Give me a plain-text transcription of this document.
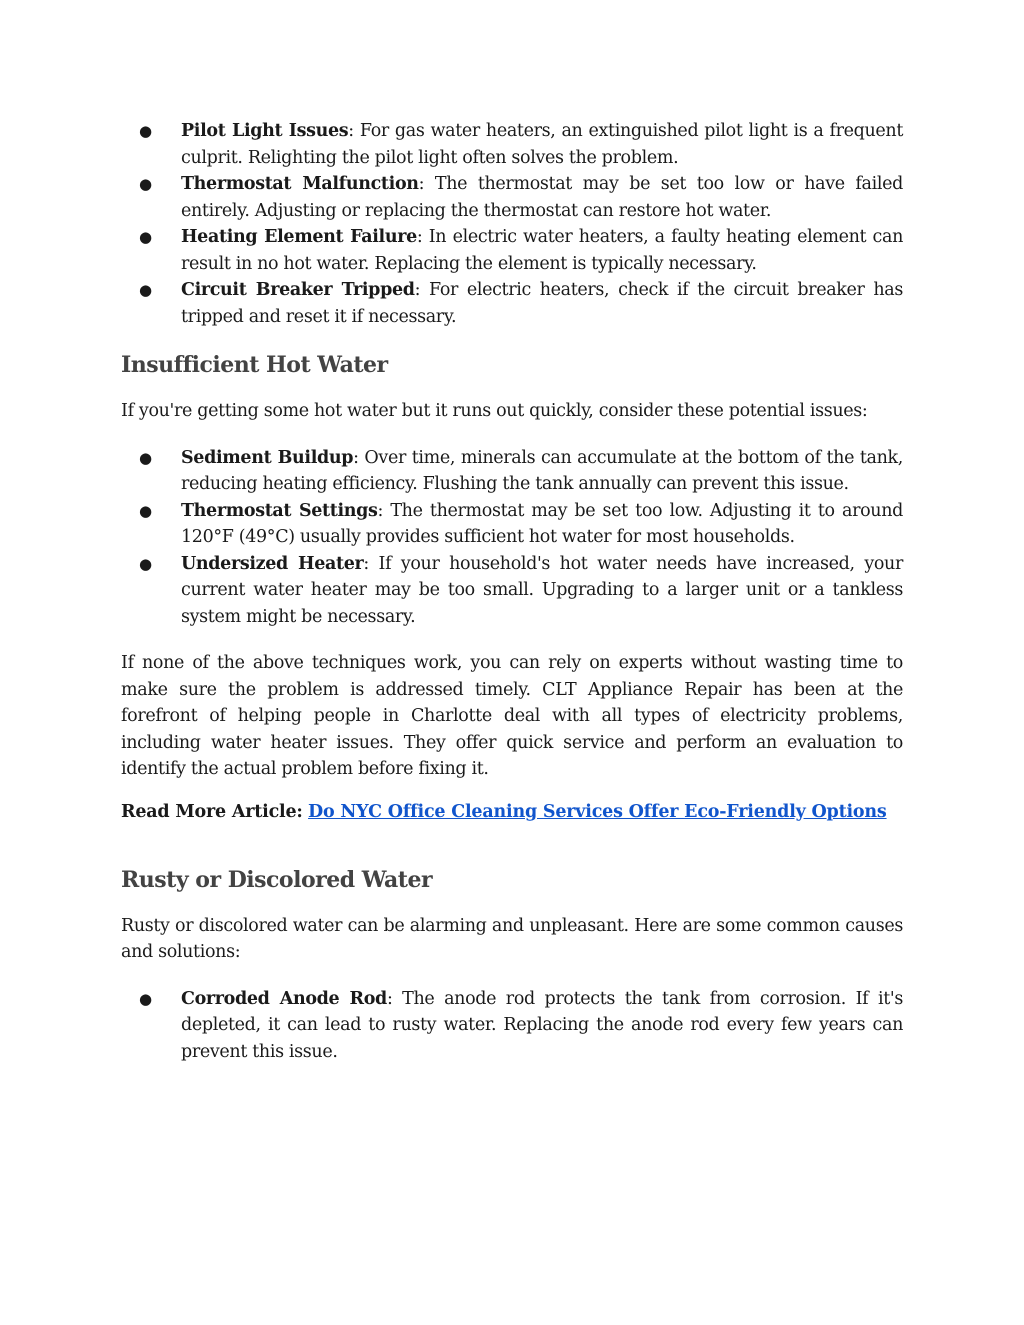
● Pilot Light Issues: For gas water heaters, an extinguished pilot light is a frequent culprit. Relighting the pilot light often solves the problem.
● Thermostat Malfunction: The thermostat may be set too low or have failed entirely. Adjusting or replacing the thermostat can restore hot water.
● Heating Element Failure: In electric water heaters, a faulty heating element can result in no hot water. Replacing the element is typically necessary.
● Circuit Breaker Tripped: For electric heaters, check if the circuit breaker has tripped and reset it if necessary.
Insufficient Hot Water

If you're getting some hot water but it runs out quickly, consider these potential issues:

● Sediment Buildup: Over time, minerals can accumulate at the bottom of the tank, reducing heating efficiency. Flushing the tank annually can prevent this issue.
● Thermostat Settings: The thermostat may be set too low. Adjusting it to around 120°F (49°C) usually provides sufficient hot water for most households.
● Undersized Heater: If your household's hot water needs have increased, your current water heater may be too small. Upgrading to a larger unit or a tankless system might be necessary.

If none of the above techniques work, you can rely on experts without wasting time to make sure the problem is addressed timely. CLT Appliance Repair has been at the forefront of helping people in Charlotte deal with all types of electricity problems, including water heater issues. They offer quick service and perform an evaluation to identify the actual problem before fixing it.

Read More Article: Do NYC Office Cleaning Services Offer Eco-Friendly Options
Rusty or Discolored Water

Rusty or discolored water can be alarming and unpleasant. Here are some common causes and solutions:

● Corroded Anode Rod: The anode rod protects the tank from corrosion. If it's depleted, it can lead to rusty water. Replacing the anode rod every few years can prevent this issue.
